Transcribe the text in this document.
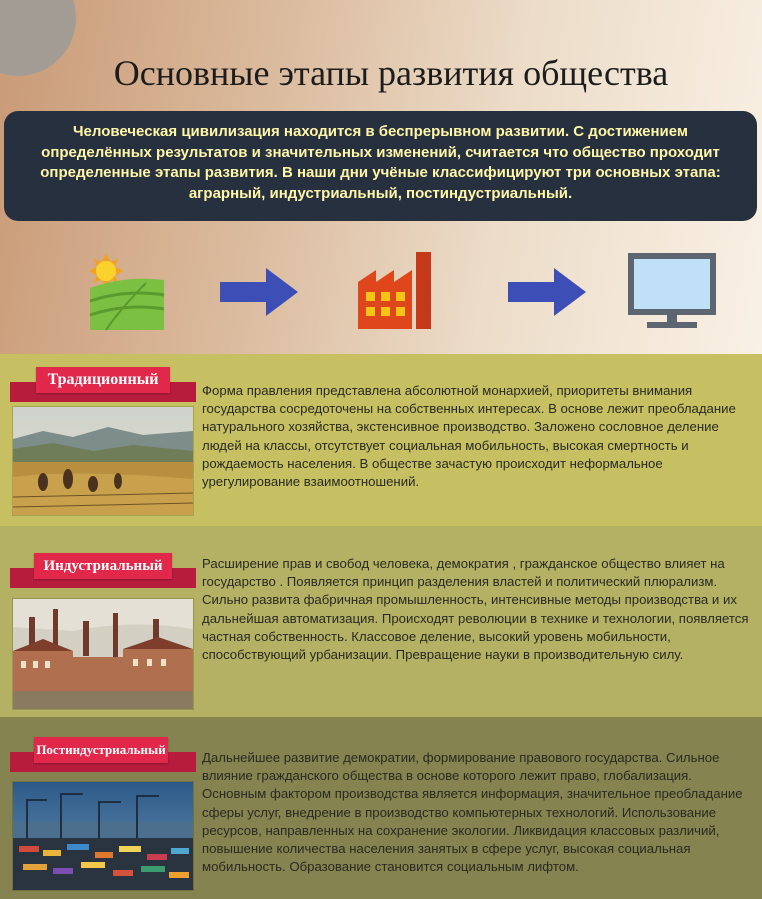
Основные этапы развития общества
Человеческая цивилизация находится в беспрерывном развитии. С достижением определённых результатов и значительных изменений, считается что общество проходит определенные этапы развития. В наши дни учёные классифицируют три основных этапа: аграрный, индустриальный, постиндустриальный.
Традиционный
Форма правления представлена абсолютной монархией, приоритеты внимания государства сосредоточены на собственных интересах. В основе лежит преобладание натурального хозяйства, экстенсивное производство. Заложено сословное деление людей на классы, отсутствует социальная мобильность, высокая смертность и рождаемость населения. В обществе зачастую происходит неформальное урегулирование взаимоотношений.
Индустриальный	Расширение прав и свобод человека, демократия , гражданское общество влияет на государство . Появляется принцип разделения властей и политический плюрализм. Сильно развита фабричная промышленность, интенсивные методы производства и их дальнейшая автоматизация. Происходят революции в технике и технологии, появляется частная собственность. Классовое деление, высокий уровень мобильности, способствующий урбанизации. Превращение науки в производительную силу.
Постиндустриальный
Дальнейшее развитие демократии, формирование правового государства. Сильное влияние гражданского общества в основе которого лежит право, глобализация. Основным фактором производства является информация, значительное преобладание сферы услуг, внедрение в производство компьютерных технологий. Использование ресурсов, направленных на сохранение экологии. Ликвидация классовых различий, повышение количества населения занятых в сфере услуг, высокая социальная мобильность. Образование становится социальным лифтом.
